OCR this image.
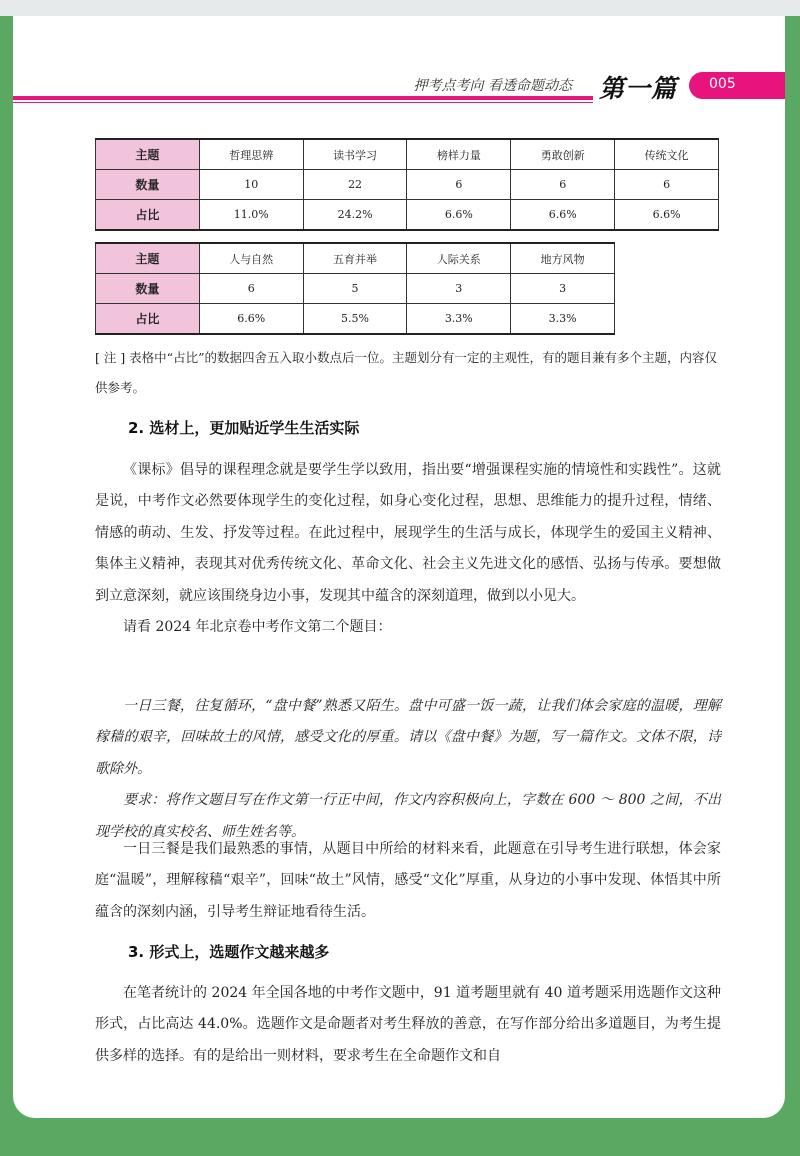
押考点考向 看透命题动态 第一篇 005
主题	哲理思辨	读书学习	榜样力量	勇敢创新	传统文化
数量	10	22	6	6	6
占比	11.0%	24.2%	6.6%	6.6%	6.6%
主题	人与自然	五育并举	人际关系	地方风物
数量	6	5	3	3
占比	6.6%	5.5%	3.3%	3.3%
[ 注 ] 表格中“占比”的数据四舍五入取小数点后一位。主题划分有一定的主观性，有的题目兼有多个主题，内容仅供参考。
2. 选材上，更加贴近学生生活实际

《课标》倡导的课程理念就是要学生学以致用，指出要“增强课程实施的情境性和实践性”。这就是说，中考作文必然要体现学生的变化过程，如身心变化过程，思想、思维能力的提升过程，情绪、情感的萌动、生发、抒发等过程。在此过程中，展现学生的生活与成长，体现学生的爱国主义精神、集体主义精神，表现其对优秀传统文化、革命文化、社会主义先进文化的感悟、弘扬与传承。要想做到立意深刻，就应该围绕身边小事，发现其中蕴含的深刻道理，做到以小见大。

请看 2024 年北京卷中考作文第二个题目：

一日三餐，往复循环，“盘中餐”熟悉又陌生。盘中可盛一饭一蔬，让我们体会家庭的温暖，理解稼穑的艰辛，回味故土的风情，感受文化的厚重。请以《盘中餐》为题，写一篇作文。文体不限，诗歌除外。

要求：将作文题目写在作文第一行正中间，作文内容积极向上，字数在 600 ～ 800 之间，不出现学校的真实校名、师生姓名等。

一日三餐是我们最熟悉的事情，从题目中所给的材料来看，此题意在引导考生进行联想，体会家庭“温暖”，理解稼穑“艰辛”，回味“故土”风情，感受“文化”厚重，从身边的小事中发现、体悟其中所蕴含的深刻内涵，引导考生辩证地看待生活。

3. 形式上，选题作文越来越多

在笔者统计的 2024 年全国各地的中考作文题中，91 道考题里就有 40 道考题采用选题作文这种形式，占比高达 44.0%。选题作文是命题者对考生释放的善意，在写作部分给出多道题目，为考生提供多样的选择。有的是给出一则材料，要求考生在全命题作文和自
